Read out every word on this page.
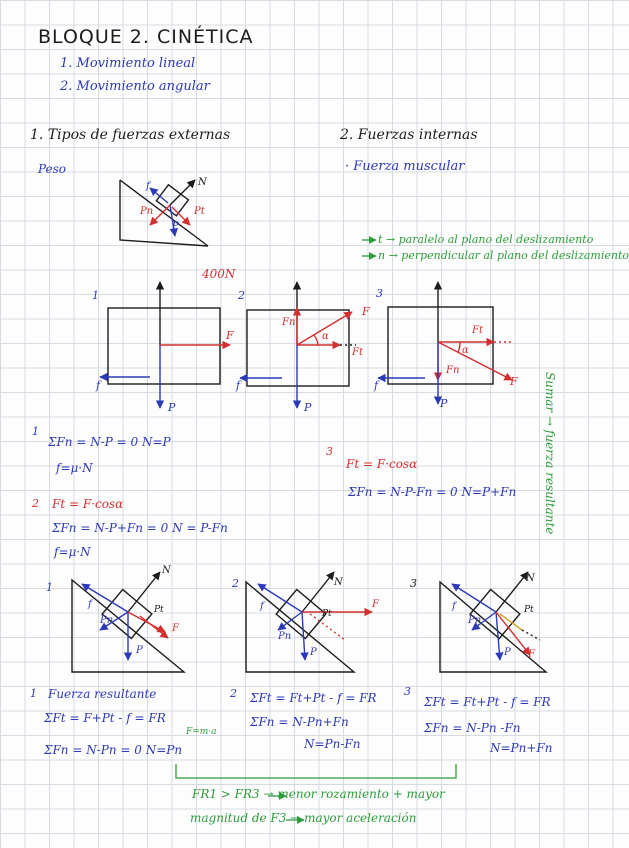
BLOQUE 2. CINÉTICA
1. Movimiento lineal
2. Movimiento angular
1. Tipos de fuerzas externas	2. Fuerzas internas
Peso	· Fuerza muscular
f	N
Pn	Pt
P
t → paralelo al plano del deslizamiento
n → perpendicular al plano del deslizamiento
400N
1
F
f
P
2
F
Fn
Ft
α
f
P
3
F
Fn
Ft
α
f
P
1
ΣFn = N-P = 0 N=P
f=μ·N
2 Ft = F·cosα
ΣFn = N-P+Fn = 0 N = P-Fn
f=μ·N
3
Ft = F·cosα
ΣFn = N-P-Fn = 0 N=P+Fn Sumar → fuerza resultante
1
N
f
Pn
Pt
F
P
2	N
f
Pn
Pt
F
P
3	N
f
Pn
Pt
F
P
1 Fuerza resultante
ΣFt = F+Pt - f = FR
F=m·a
ΣFn = N-Pn = 0 N=Pn
2 ΣFt = Ft+Pt - f = FR
ΣFn = N-Pn+Fn
N=Pn-Fn
3
ΣFt = Ft+Pt - f = FR
ΣFn = N-Pn -Fn
N=Pn+Fn
FR1 > FR3 → menor rozamiento + mayor
magnitud de F3 → mayor aceleración
